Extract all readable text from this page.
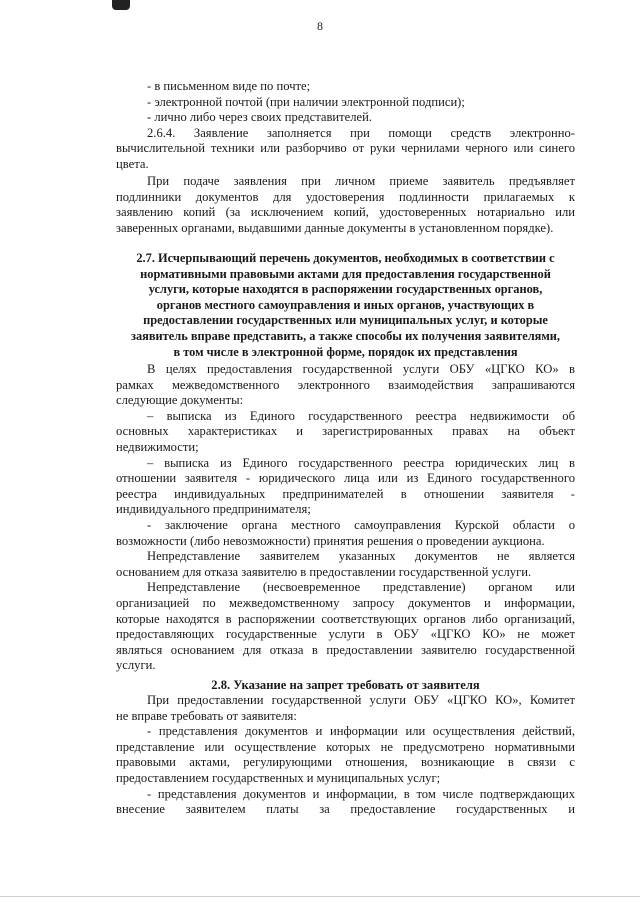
8

- в письменном виде по почте;

- электронной почтой (при наличии электронной подписи);

- лично либо через своих представителей.

2.6.4. Заявление заполняется при помощи средств электронно-

вычислительной техники или разборчиво от руки чернилами черного или синего

цвета.

При подаче заявления при личном приеме заявитель предъявляет

подлинники документов для удостоверения подлинности прилагаемых к

заявлению копий (за исключением копий, удостоверенных нотариально или

заверенных органами, выдавшими данные документы в установленном порядке).

2.7. Исчерпывающий перечень документов, необходимых в соответствии с

нормативными правовыми актами для предоставления государственной

услуги, которые находятся в распоряжении государственных органов,

органов местного самоуправления и иных органов, участвующих в

предоставлении государственных или муниципальных услуг, и которые

заявитель вправе представить, а также способы их получения заявителями,

в том числе в электронной форме, порядок их представления

В целях предоставления государственной услуги ОБУ «ЦГКО КО» в

рамках межведомственного электронного взаимодействия запрашиваются

следующие документы:

– выписка из Единого государственного реестра недвижимости об

основных характеристиках и зарегистрированных правах на объект

недвижимости;

– выписка из Единого государственного реестра юридических лиц в

отношении заявителя - юридического лица или из Единого государственного

реестра индивидуальных предпринимателей в отношении заявителя -

индивидуального предпринимателя;

- заключение органа местного самоуправления Курской области о

возможности (либо невозможности) принятия решения о проведении аукциона.

Непредставление заявителем указанных документов не является

основанием для отказа заявителю в предоставлении государственной услуги.

Непредставление (несвоевременное представление) органом или

организацией по межведомственному запросу документов и информации,

которые находятся в распоряжении соответствующих органов либо организаций,

предоставляющих государственные услуги в ОБУ «ЦГКО КО» не может

являться основанием для отказа в предоставлении заявителю государственной

услуги.

2.8. Указание на запрет требовать от заявителя

При предоставлении государственной услуги ОБУ «ЦГКО КО», Комитет

не вправе требовать от заявителя:

- представления документов и информации или осуществления действий,

представление или осуществление которых не предусмотрено нормативными

правовыми актами, регулирующими отношения, возникающие в связи с

предоставлением государственных и муниципальных услуг;

- представления документов и информации, в том числе подтверждающих

внесение заявителем платы за предоставление государственных и
